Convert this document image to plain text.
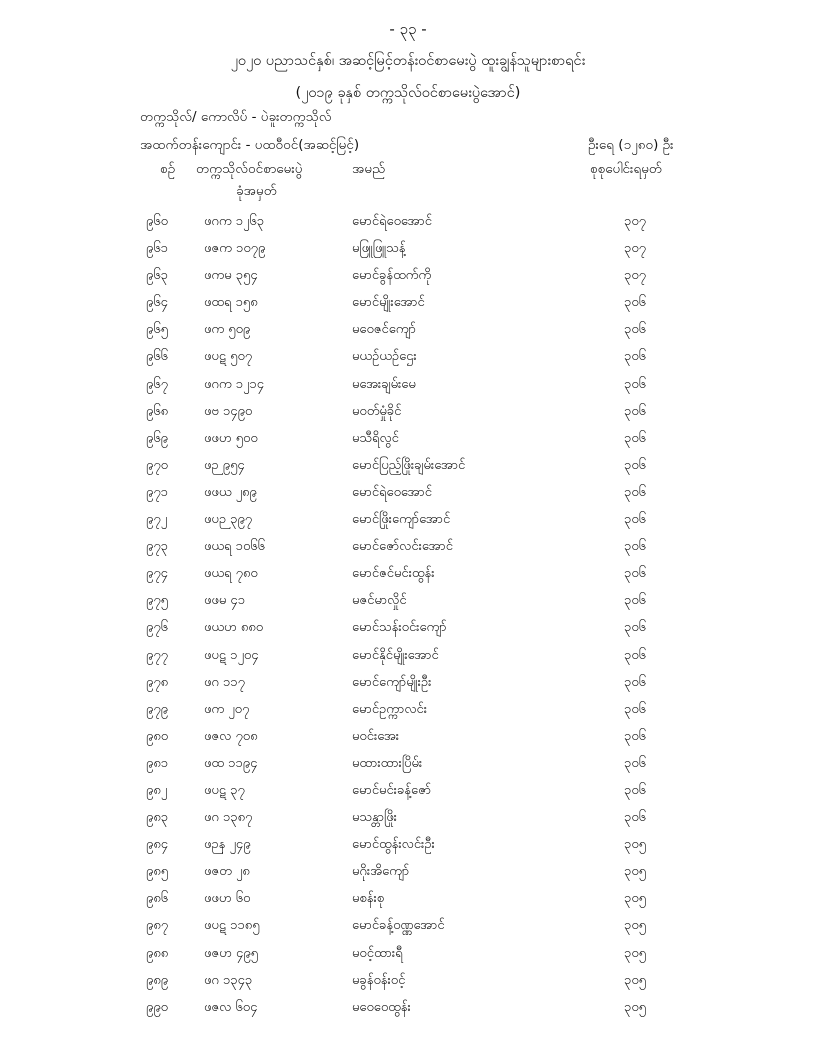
- ၃၃ -
၂၀၂၀ ပညာသင်နှစ်၊ အဆင့်မြင့်တန်းဝင်စာမေးပွဲ ထူးချွန်သူများစာရင်း
(၂၀၁၉ ခုနှစ် တက္ကသိုလ်ဝင်စာမေးပွဲအောင်)
တက္ကသိုလ်/ ကောလိပ် - ပဲခူးတက္ကသိုလ်
အထက်တန်းကျောင်း - ပထဝီဝင်(အဆင့်မြင့်)	ဦးရေ (၁၂၈၀) ဦး
စဉ် တက္ကသိုလ်ဝင်စာမေးပွဲ
ခုံအမှတ်
အမည်	စုစုပေါင်းရမှတ်
၉၆၀	ဖဂက ၁၂၆၃	မောင်ရဲဝေအောင်	၃၀၇
၉၆၁	ဖဇက ၁၀၇၉	မဖြူဖြူသန့်	၃၀၇
၉၆၃	ဖကမ ၃၅၄	မောင်ခွန်ထက်ကို	၃၀၇
၉၆၄	ဖထရ ၁၅၈	မောင်မျိုးအောင်	၃၀၆
၉၆၅	ဖက ၅၀၉	မဝေဇင်ကျော်	၃၀၆
၉၆၆	ဖပဋ ၅၀၇	မယဉ်ယဉ်ဌေး	၃၀၆
၉၆၇	ဖဂက ၁၂၁၄	မအေးချမ်းမေ	၃၀၆
၉၆၈	ဖဗ ၁၄၉၀	မဝတ်မှုံခိုင်	၃၀၆
၉၆၉	ဖဖဟ ၅၀၀	မသီရိလွင်	၃၀၆
၉၇၀	ဖဉ ၉၅၄	မောင်ပြည့်ဖြိုးချမ်းအောင်	၃၀၆
၉၇၁	ဖဖယ ၂၈၉	မောင်ရဲဝေအောင်	၃၀၆
၉၇၂	ဖပဉ ၃၉၇	မောင်ဖြိုးကျော်အောင်	၃၀၆
၉၇၃	ဖယရ ၁၀၆၆	မောင်ဇော်လင်းအောင်	၃၀၆
၉၇၄	ဖယရ ၇၈၀	မောင်ဇင်မင်းထွန်း	၃၀၆
၉၇၅	ဖဖမ ၄၁	မဇင်မာလှိုင်	၃၀၆
၉၇၆	ဖယဟ ၈၈၀	မောင်သန်းဝင်းကျော်	၃၀၆
၉၇၇	ဖပဋ ၁၂၀၄	မောင်နိုင်မျိုးအောင်	၃၀၆
၉၇၈	ဖဂ ၁၁၇	မောင်ကျော်မျိုးဦး	၃၀၆
၉၇၉	ဖက ၂၀၇	မောင်ဥက္ကာလင်း	၃၀၆
၉၈၀	ဖဇလ ၇၀၈	မဝင်းအေး	၃၀၆
၉၈၁	ဖထ ၁၁၉၄	မထားထားပြိမ်း	၃၀၆
၉၈၂	ဖပဋ ၃၇	မောင်မင်းခန့်ဇော်	၃၀၆
၉၈၃	ဖဂ ၁၃၈၇	မသန္တာဖြိုး	၃၀၆
၉၈၄	ဖဉန ၂၄၉	မောင်ထွန်းလင်းဦး	၃၀၅
၉၈၅	ဖဇတ ၂၈	မဂိုးအိကျော်	၃၀၅
၉၈၆	ဖဖဟ ၆၀	မစန်းစု	၃၀၅
၉၈၇	ဖပဋ ၁၁၈၅	မောင်ခန့်ဝဏ္ဏအောင်	၃၀၅
၉၈၈	ဖဇဟ ၄၉၅	မဝင့်ထားရီ	၃၀၅
၉၈၉	ဖဂ ၁၃၄၃	မခွန်ဝန်းဝင့်	၃၀၅
၉၉၀	ဖဇလ ၆၀၄	မဝေဝေထွန်း	၃၀၅
